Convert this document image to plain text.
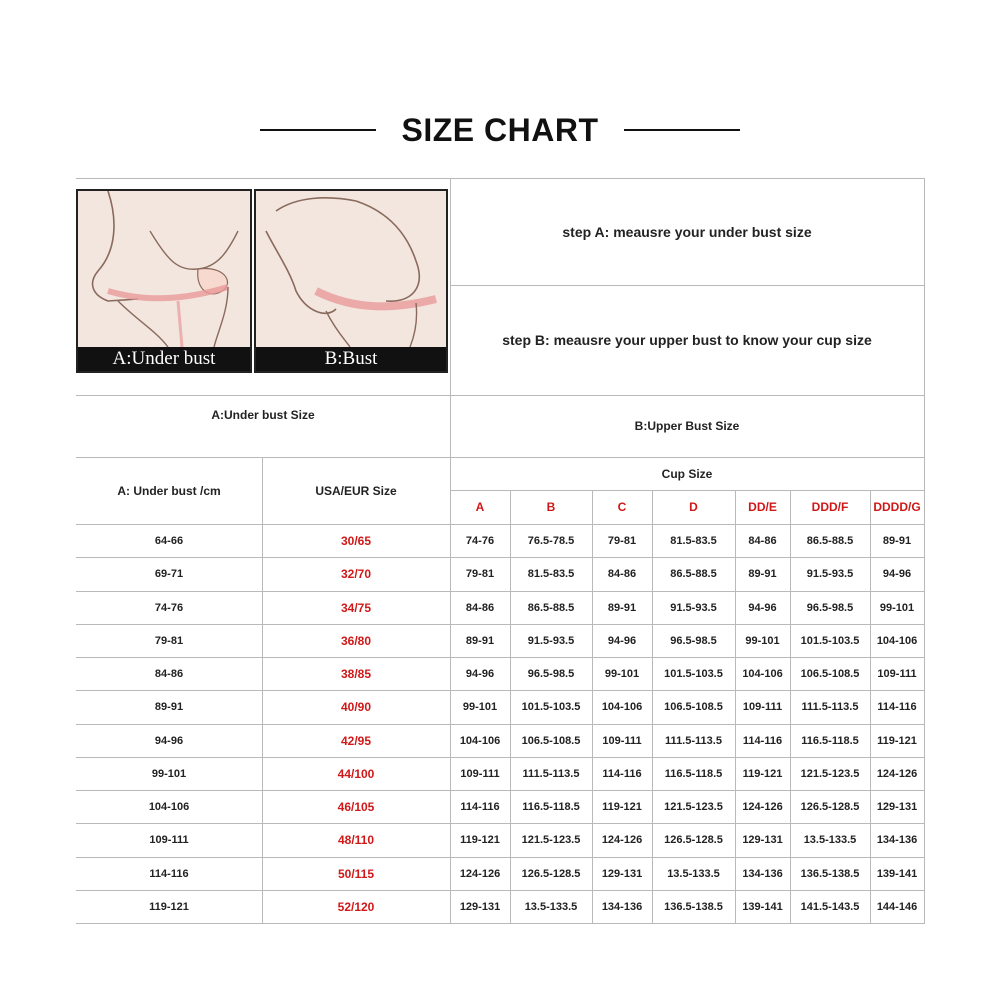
SIZE CHART
A:Under bust	B:Bust
step A: meausre your under bust size
step B: meausre your upper bust to know your cup size
A:Under bust Size
B:Upper Bust Size
A: Under bust /cm	USA/EUR Size
Cup Size
A	B	C	D	DD/E	DDD/F	DDDD/G
64-66	30/65	74-76	76.5-78.5	79-81	81.5-83.5	84-86	86.5-88.5	89-91
69-71	32/70	79-81	81.5-83.5	84-86	86.5-88.5	89-91	91.5-93.5	94-96
74-76	34/75	84-86	86.5-88.5	89-91	91.5-93.5	94-96	96.5-98.5	99-101
79-81	36/80	89-91	91.5-93.5	94-96	96.5-98.5	99-101	101.5-103.5	104-106
84-86	38/85	94-96	96.5-98.5	99-101	101.5-103.5	104-106	106.5-108.5	109-111
89-91	40/90	99-101	101.5-103.5	104-106	106.5-108.5	109-111	111.5-113.5	114-116
94-96	42/95	104-106	106.5-108.5	109-111	111.5-113.5	114-116	116.5-118.5	119-121
99-101	44/100	109-111	111.5-113.5	114-116	116.5-118.5	119-121	121.5-123.5	124-126
104-106	46/105	114-116	116.5-118.5	119-121	121.5-123.5	124-126	126.5-128.5	129-131
109-111	48/110	119-121	121.5-123.5	124-126	126.5-128.5	129-131	13.5-133.5	134-136
114-116	50/115	124-126	126.5-128.5	129-131	13.5-133.5	134-136	136.5-138.5	139-141
119-121	52/120	129-131	13.5-133.5	134-136	136.5-138.5	139-141	141.5-143.5	144-146
